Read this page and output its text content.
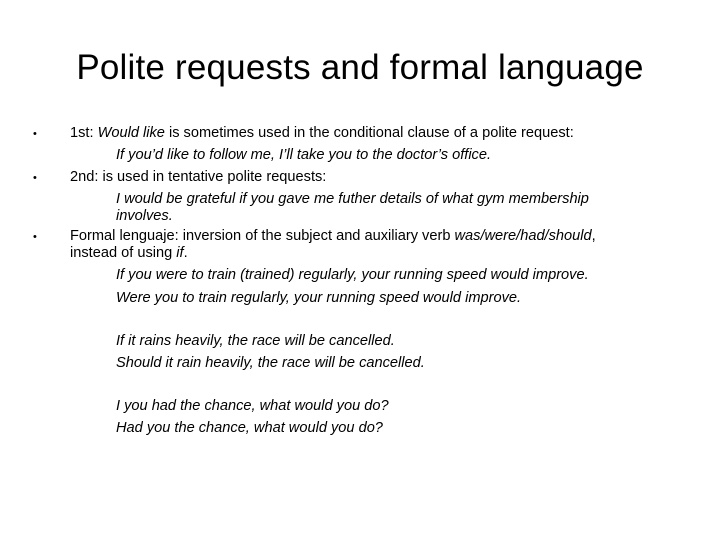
Polite requests and formal language
• 1st: Would like is sometimes used in the conditional clause of a polite request:
If you’d like to follow me, I’ll take you to the doctor’s office.
• 2nd: is used in tentative polite requests:
I would be grateful if you gave me futher details of what gym membership
involves.
• Formal lenguaje: inversion of the subject and auxiliary verb was/were/had/should,
instead of using if.
If you were to train (trained) regularly, your running speed would improve.
Were you to train regularly, your running speed would improve.
If it rains heavily, the race will be cancelled.
Should it rain heavily, the race will be cancelled.
I you had the chance, what would you do?
Had you the chance, what would you do?
